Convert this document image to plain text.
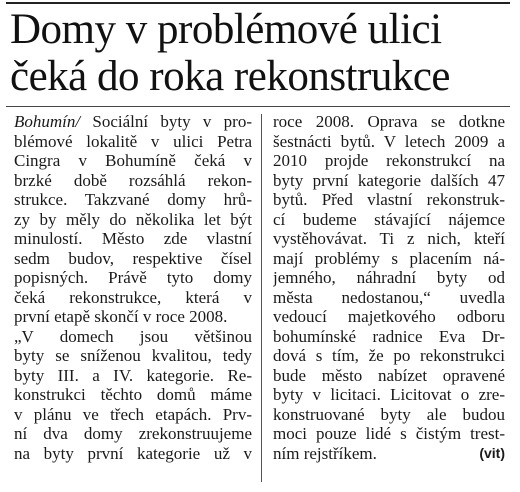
Domy v problémové ulici
čeká do roka rekonstrukce
Bohumín/ Sociální byty v pro-
blémové lokalitě v ulici Petra
Cingra v Bohumíně čeká v
brzké době rozsáhlá rekon-
strukce. Takzvané domy hrů-
zy by měly do několika let být
minulostí. Město zde vlastní
sedm budov, respektive čísel
popisných. Právě tyto domy
čeká rekonstrukce, která v
první etapě skončí v roce 2008.
„V domech jsou většinou
byty se sníženou kvalitou, tedy
byty III. a IV. kategorie. Re-
konstrukci těchto domů máme
v plánu ve třech etapách. Prv-
ní dva domy zrekonstruujeme
na byty první kategorie už v
roce 2008. Oprava se dotkne
šestnácti bytů. V letech 2009 a
2010 projde rekonstrukcí na
byty první kategorie dalších 47
bytů. Před vlastní rekonstruk-
cí budeme stávající nájemce
vystěhovávat. Ti z nich, kteří
mají problémy s placením ná-
jemného, náhradní byty od
města nedostanou,“ uvedla
vedoucí majetkového odboru
bohumínské radnice Eva Dr-
dová s tím, že po rekonstrukci
bude město nabízet opravené
byty v licitaci. Licitovat o zre-
konstruované byty ale budou
moci pouze lidé s čistým trest-
ním rejstříkem.	(vit)
